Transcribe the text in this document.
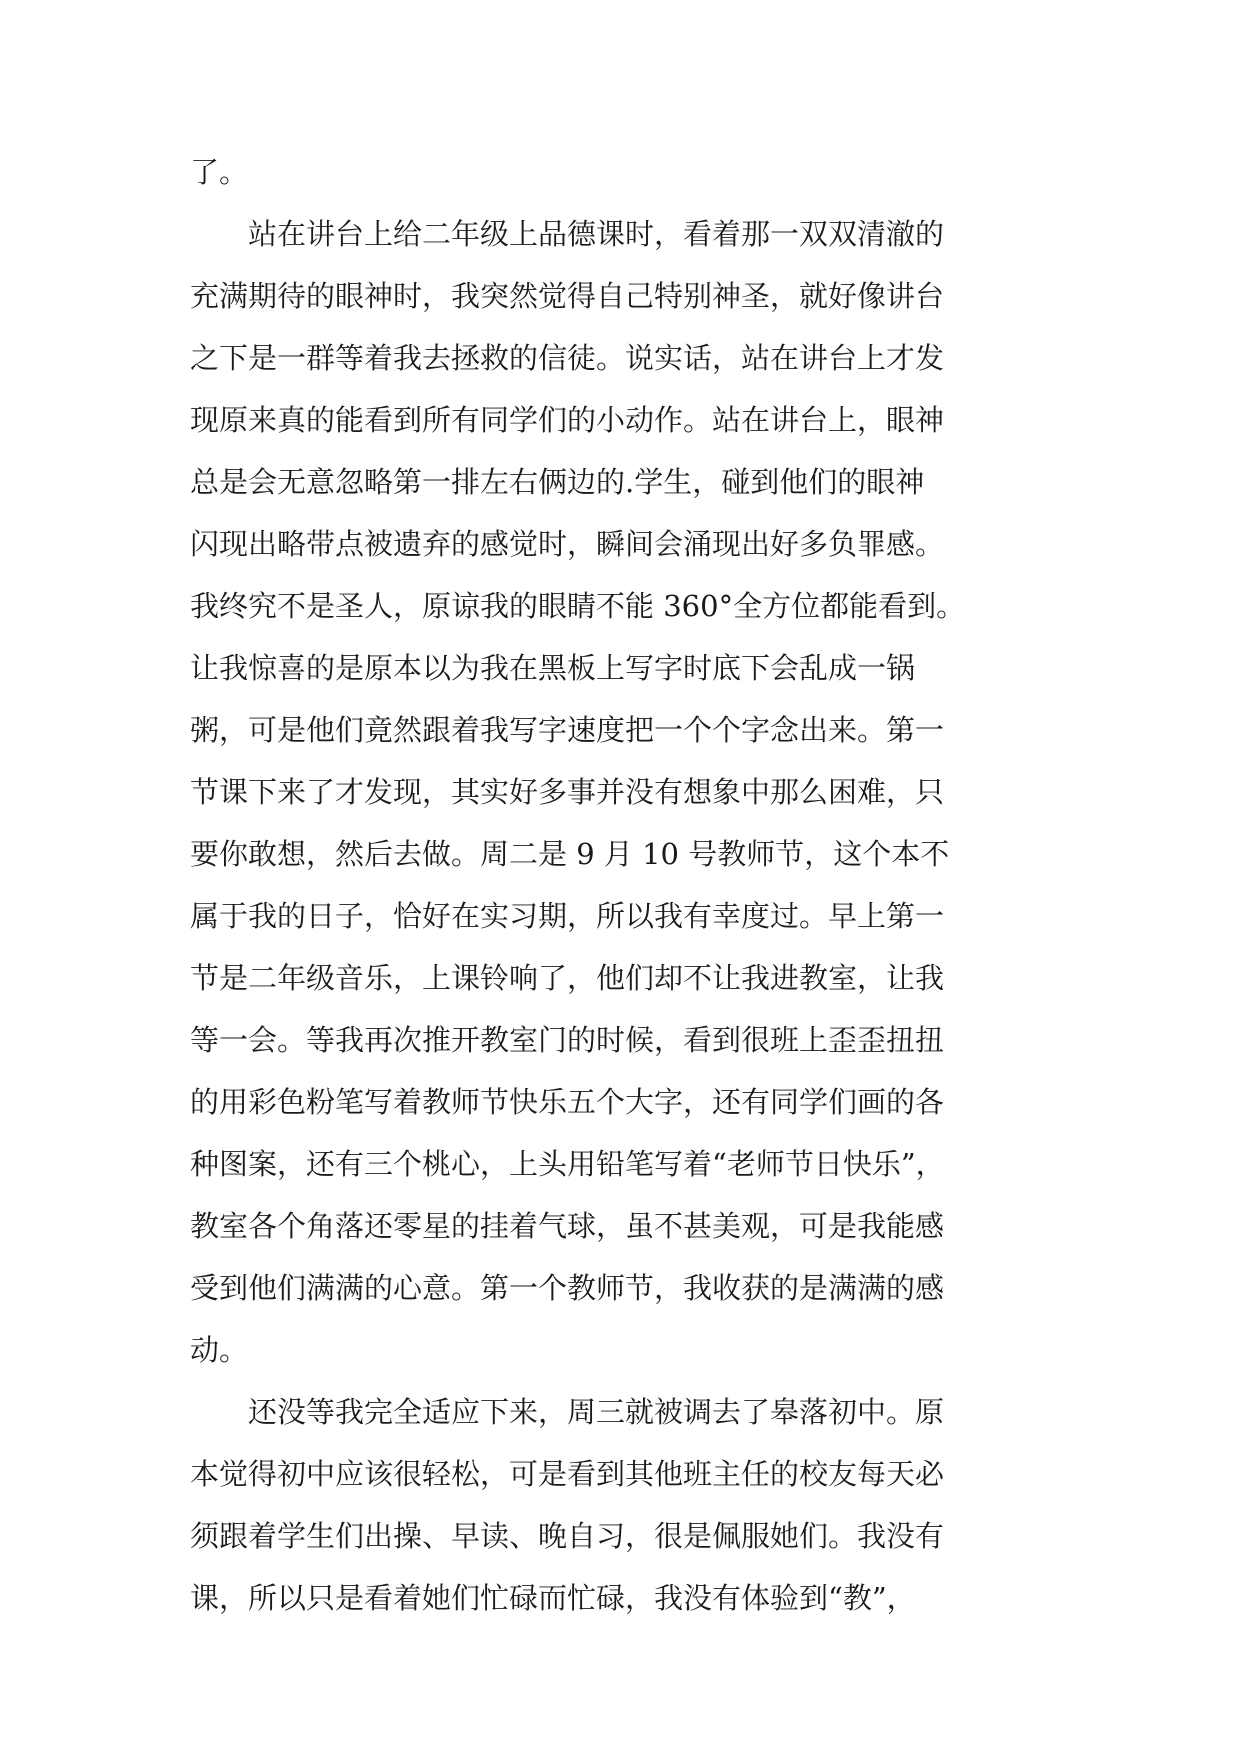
了。

　　站在讲台上给二年级上品德课时，看着那一双双清澈的

充满期待的眼神时，我突然觉得自己特别神圣，就好像讲台

之下是一群等着我去拯救的信徒。说实话，站在讲台上才发

现原来真的能看到所有同学们的小动作。站在讲台上，眼神

总是会无意忽略第一排左右俩边的.学生，碰到他们的眼神

闪现出略带点被遗弃的感觉时，瞬间会涌现出好多负罪感。

我终究不是圣人，原谅我的眼睛不能 360°全方位都能看到。

让我惊喜的是原本以为我在黑板上写字时底下会乱成一锅

粥，可是他们竟然跟着我写字速度把一个个字念出来。第一

节课下来了才发现，其实好多事并没有想象中那么困难，只

要你敢想，然后去做。周二是 9 月 10 号教师节，这个本不

属于我的日子，恰好在实习期，所以我有幸度过。早上第一

节是二年级音乐，上课铃响了，他们却不让我进教室，让我

等一会。等我再次推开教室门的时候，看到很班上歪歪扭扭

的用彩色粉笔写着教师节快乐五个大字，还有同学们画的各

种图案，还有三个桃心，上头用铅笔写着“老师节日快乐”，

教室各个角落还零星的挂着气球，虽不甚美观，可是我能感

受到他们满满的心意。第一个教师节，我收获的是满满的感

动。

　　还没等我完全适应下来，周三就被调去了皋落初中。原

本觉得初中应该很轻松，可是看到其他班主任的校友每天必

须跟着学生们出操、早读、晚自习，很是佩服她们。我没有

课，所以只是看着她们忙碌而忙碌，我没有体验到“教”，
